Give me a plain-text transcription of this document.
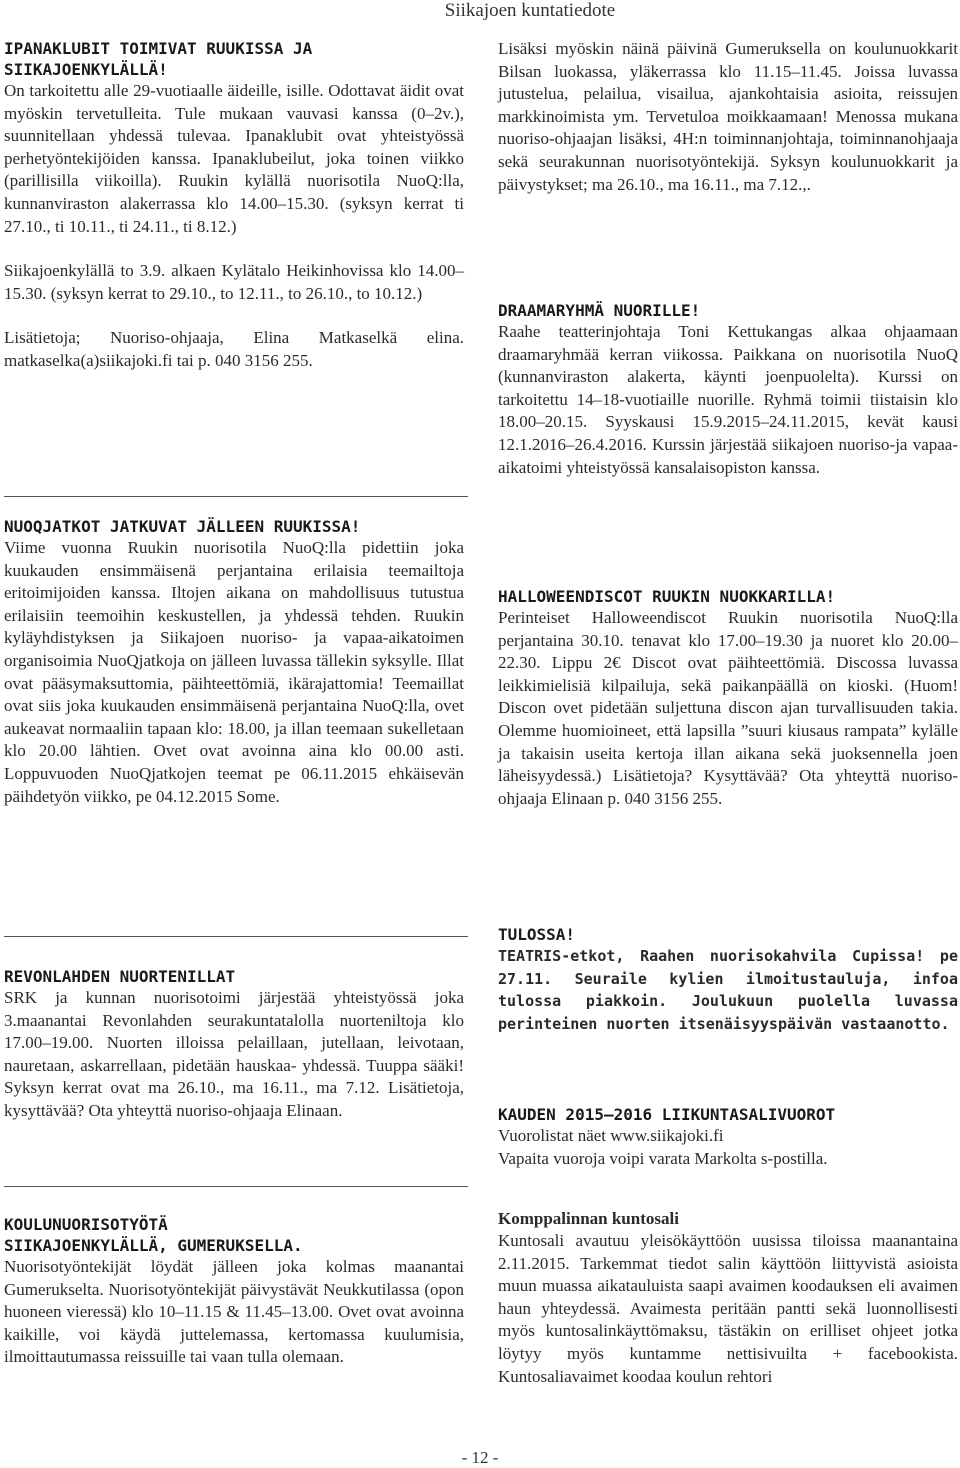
Siikajoen kuntatiedote
IPANAKLUBIT TOIMIVAT RUUKISSA JA
SIIKAJOENKYLÄLLÄ!

On tarkoitettu alle 29-vuotiaalle äideille, isille. Odottavat äidit ovat myöskin tervetulleita. Tule mukaan vauvasi kanssa (0–2v.), suunnitellaan yhdessä tulevaa. Ipanaklubit ovat yhteistyössä perhetyöntekijöiden kanssa. Ipanaklubeilut, joka toinen viikko (parillisilla viikoilla). Ruukin kylällä nuorisotila NuoQ:lla, kunnanviraston alakerrassa klo 14.00–15.30. (syksyn kerrat ti 27.10., ti 10.11., ti 24.11., ti 8.12.)

Siikajoenkylällä to 3.9. alkaen Kylätalo Heikinhovissa klo 14.00–15.30. (syksyn kerrat to 29.10., to 12.11., to 26.10., to 10.12.)

Lisätietoja; Nuoriso-ohjaaja, Elina Matkaselkä elina. matkaselka(a)siikajoki.fi tai p. 040 3156 255.

NUOQJATKOT JATKUVAT JÄLLEEN RUUKISSA!

Viime vuonna Ruukin nuorisotila NuoQ:lla pidettiin joka kuukauden ensimmäisenä perjantaina erilaisia teemailtoja eritoimijoiden kanssa. Iltojen aikana on mahdollisuus tutustua erilaisiin teemoihin keskustellen, ja yhdessä tehden. Ruukin kyläyhdistyksen ja Siikajoen nuoriso- ja vapaa-aikatoimen organisoimia NuoQjatkoja on jälleen luvassa tällekin syksylle. Illat ovat pääsymaksuttomia, päihteettömiä, ikärajattomia! Teemaillat ovat siis joka kuukauden ensimmäisenä perjantaina NuoQ:lla, ovet aukeavat normaaliin tapaan klo: 18.00, ja illan teemaan sukelletaan klo 20.00 lähtien. Ovet ovat avoinna aina klo 00.00 asti. Loppuvuoden NuoQjatkojen teemat pe 06.11.2015 ehkäisevän päihdetyön viikko, pe 04.12.2015 Some.

REVONLAHDEN NUORTENILLAT

SRK ja kunnan nuorisotoimi järjestää yhteistyössä joka 3.maanantai Revonlahden seurakuntatalolla nuorteniltoja klo 17.00–19.00. Nuorten illoissa pelaillaan, jutellaan, leivotaan, nauretaan, askarrellaan, pidetään hauskaa- yhdessä. Tuuppa sääki! Syksyn kerrat ovat ma 26.10., ma 16.11., ma 7.12. Lisätietoja, kysyttävää? Ota yhteyttä nuoriso-ohjaaja Elinaan.

KOULUNUORISOTYÖTÄ
SIIKAJOENKYLÄLLÄ, GUMERUKSELLA.

Nuorisotyöntekijät löydät jälleen joka kolmas maanantai Gumerukselta. Nuorisotyöntekijät päivystävät Neukkutilassa (opon huoneen vieressä) klo 10–11.15 & 11.45–13.00. Ovet ovat avoinna kaikille, voi käydä juttelemassa, kertomassa kuulumisia, ilmoittautumassa reissuille tai vaan tulla olemaan.

Lisäksi myöskin näinä päivinä Gumeruksella on koulunuokkarit Bilsan luokassa, yläkerrassa klo 11.15–11.45. Joissa luvassa jutustelua, pelailua, visailua, ajankohtaisia asioita, reissujen markkinoimista ym. Tervetuloa moikkaamaan! Menossa mukana nuoriso-ohjaajan lisäksi, 4H:n toiminnanjohtaja, toiminnanohjaaja sekä seurakunnan nuorisotyöntekijä. Syksyn koulunuokkarit ja päivystykset; ma 26.10., ma 16.11., ma 7.12.,.

DRAAMARYHMÄ NUORILLE!

Raahe teatterinjohtaja Toni Kettukangas alkaa ohjaamaan draamaryhmää kerran viikossa. Paikkana on nuorisotila NuoQ (kunnanviraston alakerta, käynti joenpuolelta). Kurssi on tarkoitettu 14–18-vuotiaille nuorille. Ryhmä toimii tiistaisin klo 18.00–20.15. Syyskausi 15.9.2015–24.11.2015, kevät kausi 12.1.2016–26.4.2016. Kurssin järjestää siikajoen nuoriso-ja vapaa-aikatoimi yhteistyössä kansalaisopiston kanssa.

HALLOWEENDISCOT RUUKIN NUOKKARILLA!

Perinteiset Halloweendiscot Ruukin nuorisotila NuoQ:lla perjantaina 30.10. tenavat klo 17.00–19.30 ja nuoret klo 20.00–22.30. Lippu 2€ Discot ovat päihteettömiä. Discossa luvassa leikkimielisiä kilpailuja, sekä paikanpäällä on kioski. (Huom! Discon ovet pidetään suljettuna discon ajan turvallisuuden takia. Olemme huomioineet, että lapsilla ”suuri kiusaus rampata” kylälle ja takaisin useita kertoja illan aikana sekä juoksennella joen läheisyydessä.) Lisätietoja? Kysyttävää? Ota yhteyttä nuoriso-ohjaaja Elinaan p. 040 3156 255.

TULOSSA!

TEATRIS-etkot, Raahen nuorisokahvila Cupissa! pe 27.11. Seuraile kylien ilmoitustauluja, infoa tulossa piakkoin. Joulukuun puolella luvassa perinteinen nuorten itsenäisyyspäivän vastaanotto.

KAUDEN 2015–2016 LIIKUNTASALIVUOROT

Vuorolistat näet www.siikajoki.fi

Vapaita vuoroja voipi varata Markolta s-postilla.

Komppalinnan kuntosali

Kuntosali avautuu yleisökäyttöön uusissa tiloissa maanantaina 2.11.2015. Tarkemmat tiedot salin käyttöön liittyvistä asioista muun muassa aikatauluista saapi avaimen koodauksen eli avaimen haun yhteydessä. Avaimesta peritään pantti sekä luonnollisesti myös kuntosalinkäyttömaksu, tästäkin on erilliset ohjeet jotka löytyy myös kuntamme nettisivuilta + facebookista. Kuntosaliavaimet koodaa koulun rehtori

- 12 -
